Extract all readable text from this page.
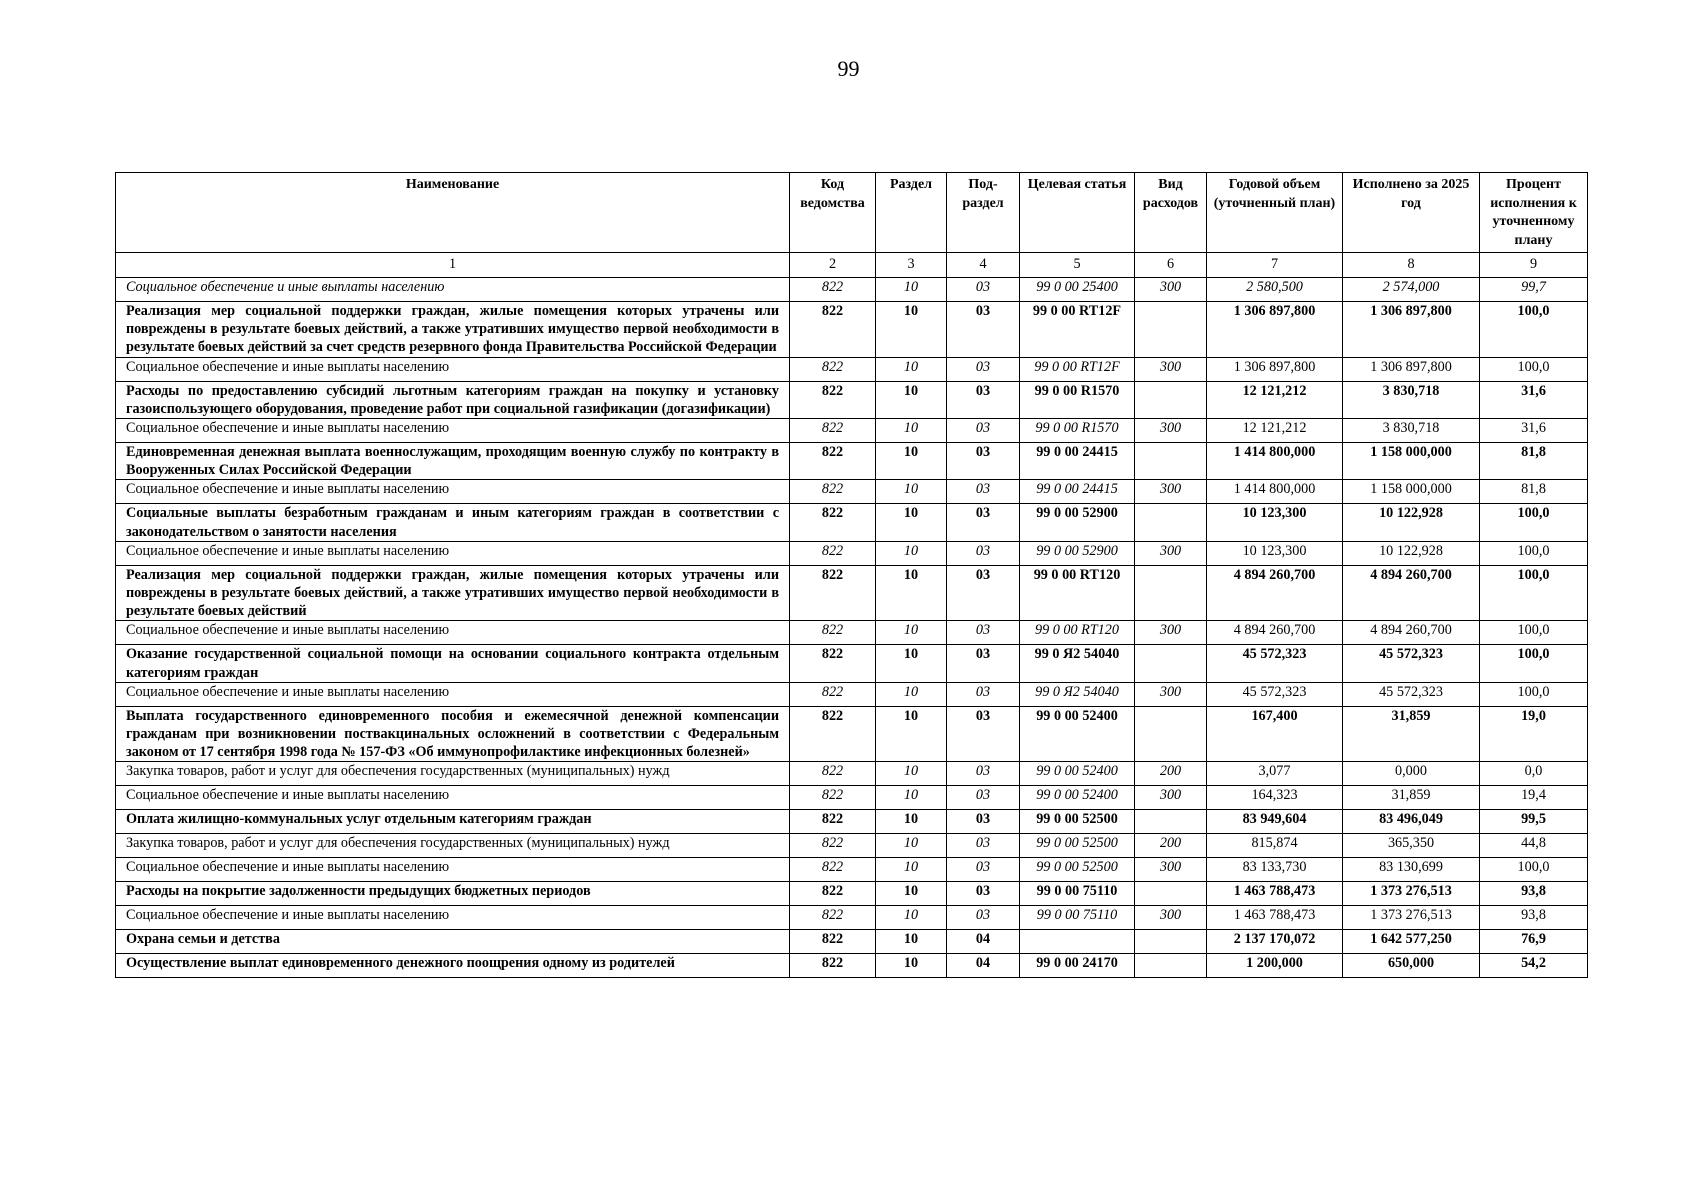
99
Наименование	Код ведомства	Раздел	Под-раздел	Целевая статья	Вид расходов	Годовой объем (уточненный план)	Исполнено за 2025 год	Процент исполнения к уточненному плану
1	2	3	4	5	6	7	8	9
Социальное обеспечение и иные выплаты населению	822	10	03	99 0 00 25400	300	2 580,500	2 574,000	99,7
Реализация мер социальной поддержки граждан, жилые помещения которых утрачены или повреждены в результате боевых действий, а также утративших имущество первой необходимости в результате боевых действий за счет средств резервного фонда Правительства Российской Федерации	822	10	03	99 0 00 RT12F		1 306 897,800	1 306 897,800	100,0
Социальное обеспечение и иные выплаты населению	822	10	03	99 0 00 RT12F	300	1 306 897,800	1 306 897,800	100,0
Расходы по предоставлению субсидий льготным категориям граждан на покупку и установку газоиспользующего оборудования, проведение работ при социальной газификации (догазификации)	822	10	03	99 0 00 R1570		12 121,212	3 830,718	31,6
Социальное обеспечение и иные выплаты населению	822	10	03	99 0 00 R1570	300	12 121,212	3 830,718	31,6
Единовременная денежная выплата военнослужащим, проходящим военную службу по контракту в Вооруженных Силах Российской Федерации	822	10	03	99 0 00 24415		1 414 800,000	1 158 000,000	81,8
Социальное обеспечение и иные выплаты населению	822	10	03	99 0 00 24415	300	1 414 800,000	1 158 000,000	81,8
Социальные выплаты безработным гражданам и иным категориям граждан в соответствии с законодательством о занятости населения	822	10	03	99 0 00 52900		10 123,300	10 122,928	100,0
Социальное обеспечение и иные выплаты населению	822	10	03	99 0 00 52900	300	10 123,300	10 122,928	100,0
Реализация мер социальной поддержки граждан, жилые помещения которых утрачены или повреждены в результате боевых действий, а также утративших имущество первой необходимости в результате боевых действий	822	10	03	99 0 00 RT120		4 894 260,700	4 894 260,700	100,0
Социальное обеспечение и иные выплаты населению	822	10	03	99 0 00 RT120	300	4 894 260,700	4 894 260,700	100,0
Оказание государственной социальной помощи на основании социального контракта отдельным категориям граждан	822	10	03	99 0 Я2 54040		45 572,323	45 572,323	100,0
Социальное обеспечение и иные выплаты населению	822	10	03	99 0 Я2 54040	300	45 572,323	45 572,323	100,0
Выплата государственного единовременного пособия и ежемесячной денежной компенсации гражданам при возникновении поствакцинальных осложнений в соответствии с Федеральным законом от 17 сентября 1998 года № 157-ФЗ «Об иммунопрофилактике инфекционных болезней»	822	10	03	99 0 00 52400		167,400	31,859	19,0
Закупка товаров, работ и услуг для обеспечения государственных (муниципальных) нужд	822	10	03	99 0 00 52400	200	3,077	0,000	0,0
Социальное обеспечение и иные выплаты населению	822	10	03	99 0 00 52400	300	164,323	31,859	19,4
Оплата жилищно-коммунальных услуг отдельным категориям граждан	822	10	03	99 0 00 52500		83 949,604	83 496,049	99,5
Закупка товаров, работ и услуг для обеспечения государственных (муниципальных) нужд	822	10	03	99 0 00 52500	200	815,874	365,350	44,8
Социальное обеспечение и иные выплаты населению	822	10	03	99 0 00 52500	300	83 133,730	83 130,699	100,0
Расходы на покрытие задолженности предыдущих бюджетных периодов	822	10	03	99 0 00 75110		1 463 788,473	1 373 276,513	93,8
Социальное обеспечение и иные выплаты населению	822	10	03	99 0 00 75110	300	1 463 788,473	1 373 276,513	93,8
Охрана семьи и детства	822	10	04			2 137 170,072	1 642 577,250	76,9
Осуществление выплат единовременного денежного поощрения одному из родителей	822	10	04	99 0 00 24170		1 200,000	650,000	54,2
